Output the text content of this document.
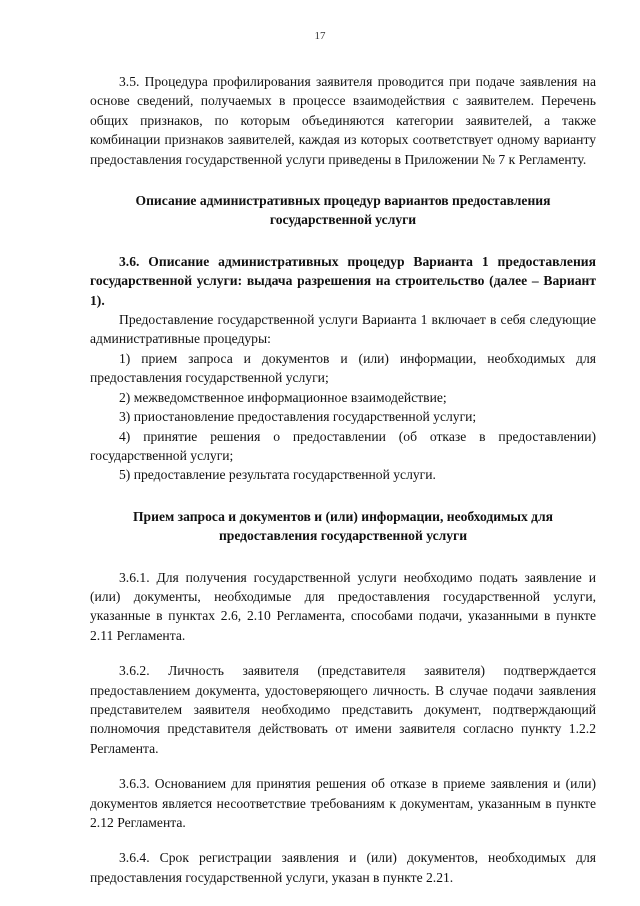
17

3.5. Процедура профилирования заявителя проводится при подаче заявления на основе сведений, получаемых в процессе взаимодействия с заявителем. Перечень общих признаков, по которым объединяются категории заявителей, а также комбинации признаков заявителей, каждая из которых соответствует одному варианту предоставления государственной услуги приведены в Приложении № 7 к Регламенту.

Описание административных процедур вариантов предоставления государственной услуги

3.6. Описание административных процедур Варианта 1 предоставления государственной услуги: выдача разрешения на строительство (далее – Вариант 1).

Предоставление государственной услуги Варианта 1 включает в себя следующие административные процедуры:

1) прием запроса и документов и (или) информации, необходимых для предоставления государственной услуги;

2) межведомственное информационное взаимодействие;

3) приостановление предоставления государственной услуги;

4) принятие решения о предоставлении (об отказе в предоставлении) государственной услуги;

5) предоставление результата государственной услуги.

Прием запроса и документов и (или) информации, необходимых для предоставления государственной услуги

3.6.1. Для получения государственной услуги необходимо подать заявление и (или) документы, необходимые для предоставления государственной услуги, указанные в пунктах 2.6, 2.10 Регламента, способами подачи, указанными в пункте 2.11 Регламента.

3.6.2. Личность заявителя (представителя заявителя) подтверждается предоставлением документа, удостоверяющего личность. В случае подачи заявления представителем заявителя необходимо представить документ, подтверждающий полномочия представителя действовать от имени заявителя согласно пункту 1.2.2 Регламента.

3.6.3. Основанием для принятия решения об отказе в приеме заявления и (или) документов является несоответствие требованиям к документам, указанным в пункте 2.12 Регламента.

3.6.4. Срок регистрации заявления и (или) документов, необходимых для предоставления государственной услуги, указан в пункте 2.21.
